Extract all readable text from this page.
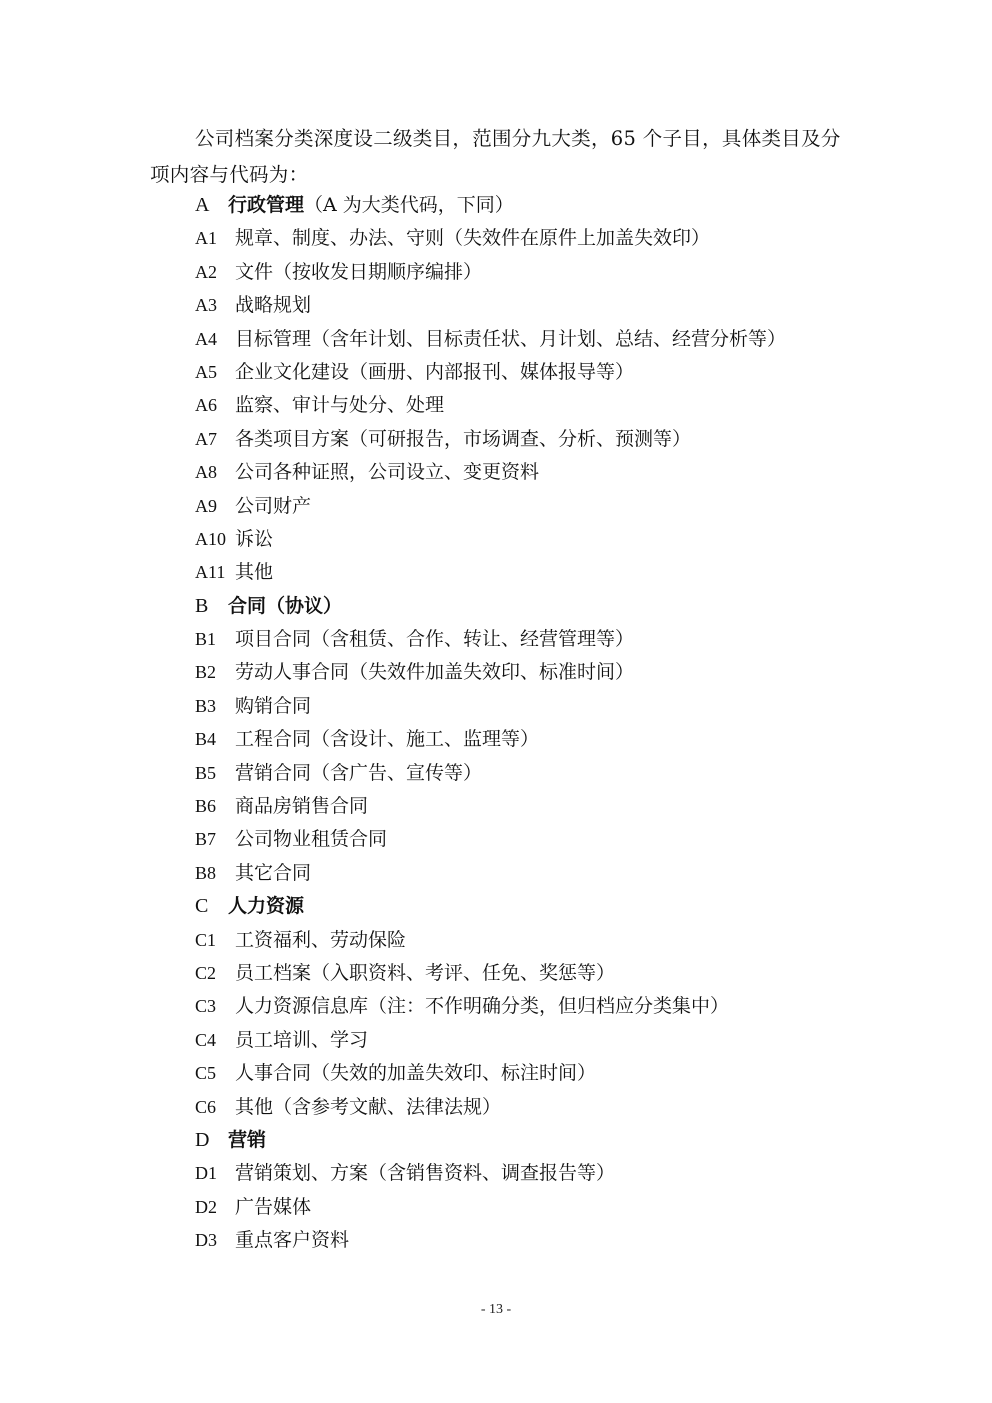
公司档案分类深度设二级类目，范围分九大类，65 个子目，具体类目及分项内容与代码为：
A 行政管理 （A 为大类代码，下同）
A1 规章、制度、办法、守则（失效件在原件上加盖失效印）
A2 文件（按收发日期顺序编排）
A3 战略规划
A4 目标管理（含年计划、目标责任状、月计划、总结、经营分析等）
A5 企业文化建设（画册、内部报刊、媒体报导等）
A6 监察、审计与处分、处理
A7 各类项目方案（可研报告，市场调查、分析、预测等）
A8 公司各种证照，公司设立、变更资料
A9 公司财产
A10 诉讼
A11 其他
B	合同（协议）
B1 项目合同（含租赁、合作、转让、经营管理等）
B2 劳动人事合同（失效件加盖失效印、标准时间）
B3 购销合同
B4 工程合同（含设计、施工、监理等）
B5 营销合同（含广告、宣传等）
B6 商品房销售合同
B7 公司物业租赁合同
B8 其它合同
C	人力资源
C1 工资福利、劳动保险
C2 员工档案（入职资料、考评、任免、奖惩等）
C3 人力资源信息库（注：不作明确分类，但归档应分类集中）
C4 员工培训、学习
C5 人事合同（失效的加盖失效印、标注时间）
C6 其他（含参考文献、法律法规）
D 营销
D1 营销策划、方案（含销售资料、调查报告等）
D2 广告媒体
D3 重点客户资料
- 13 -
